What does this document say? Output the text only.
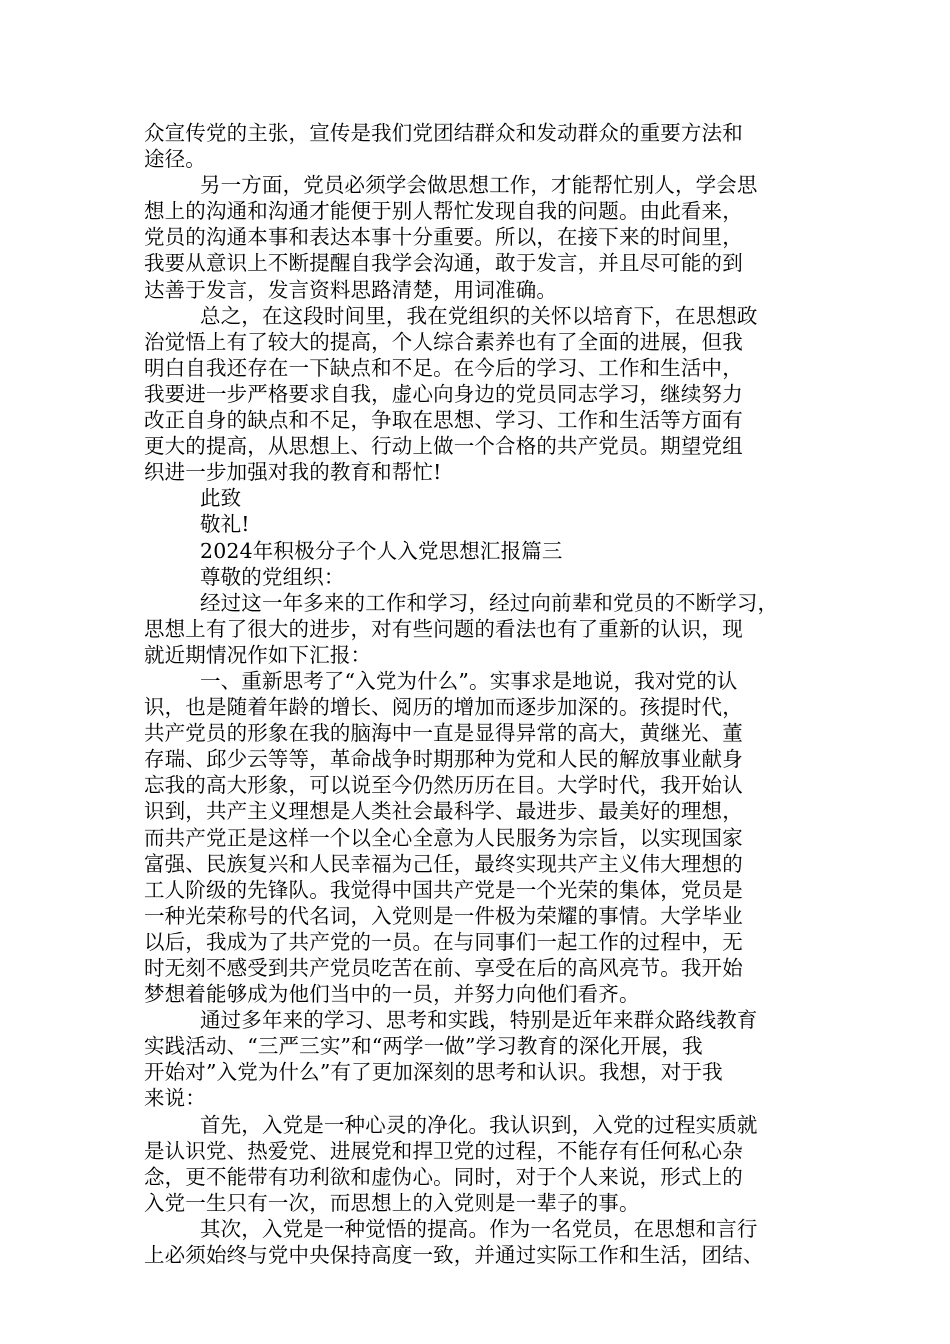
众宣传党的主张，宣传是我们党团结群众和发动群众的重要方法和
途径。
另一方面，党员必须学会做思想工作，才能帮忙别人，学会思
想上的沟通和沟通才能便于别人帮忙发现自我的问题。由此看来，
党员的沟通本事和表达本事十分重要。所以，在接下来的时间里，
我要从意识上不断提醒自我学会沟通，敢于发言，并且尽可能的到
达善于发言，发言资料思路清楚，用词准确。
总之，在这段时间里，我在党组织的关怀以培育下，在思想政
治觉悟上有了较大的提高，个人综合素养也有了全面的进展，但我
明白自我还存在一下缺点和不足。在今后的学习、工作和生活中，
我要进一步严格要求自我，虚心向身边的党员同志学习，继续努力
改正自身的缺点和不足，争取在思想、学习、工作和生活等方面有
更大的提高，从思想上、行动上做一个合格的共产党员。期望党组
织进一步加强对我的教育和帮忙!
此致
敬礼!
2024年积极分子个人入党思想汇报篇三
尊敬的党组织：
经过这一年多来的工作和学习，经过向前辈和党员的不断学习，
思想上有了很大的进步，对有些问题的看法也有了重新的认识，现
就近期情况作如下汇报：
一、重新思考了“入党为什么”。实事求是地说，我对党的认
识，也是随着年龄的增长、阅历的增加而逐步加深的。孩提时代，
共产党员的形象在我的脑海中一直是显得异常的高大，黄继光、董
存瑞、邱少云等等，革命战争时期那种为党和人民的解放事业献身
忘我的高大形象，可以说至今仍然历历在目。大学时代，我开始认
识到，共产主义理想是人类社会最科学、最进步、最美好的理想，
而共产党正是这样一个以全心全意为人民服务为宗旨，以实现国家
富强、民族复兴和人民幸福为己任，最终实现共产主义伟大理想的
工人阶级的先锋队。我觉得中国共产党是一个光荣的集体，党员是
一种光荣称号的代名词，入党则是一件极为荣耀的事情。大学毕业
以后，我成为了共产党的一员。在与同事们一起工作的过程中，无
时无刻不感受到共产党员吃苦在前、享受在后的高风亮节。我开始
梦想着能够成为他们当中的一员，并努力向他们看齐。
通过多年来的学习、思考和实践，特别是近年来群众路线教育
实践活动、“三严三实”和“两学一做”学习教育的深化开展，我
开始对”入党为什么”有了更加深刻的思考和认识。我想，对于我
来说：
首先，入党是一种心灵的净化。我认识到，入党的过程实质就
是认识党、热爱党、进展党和捍卫党的过程，不能存有任何私心杂
念，更不能带有功利欲和虚伪心。同时，对于个人来说，形式上的
入党一生只有一次，而思想上的入党则是一辈子的事。
其次，入党是一种觉悟的提高。作为一名党员，在思想和言行
上必须始终与党中央保持高度一致，并通过实际工作和生活，团结、
